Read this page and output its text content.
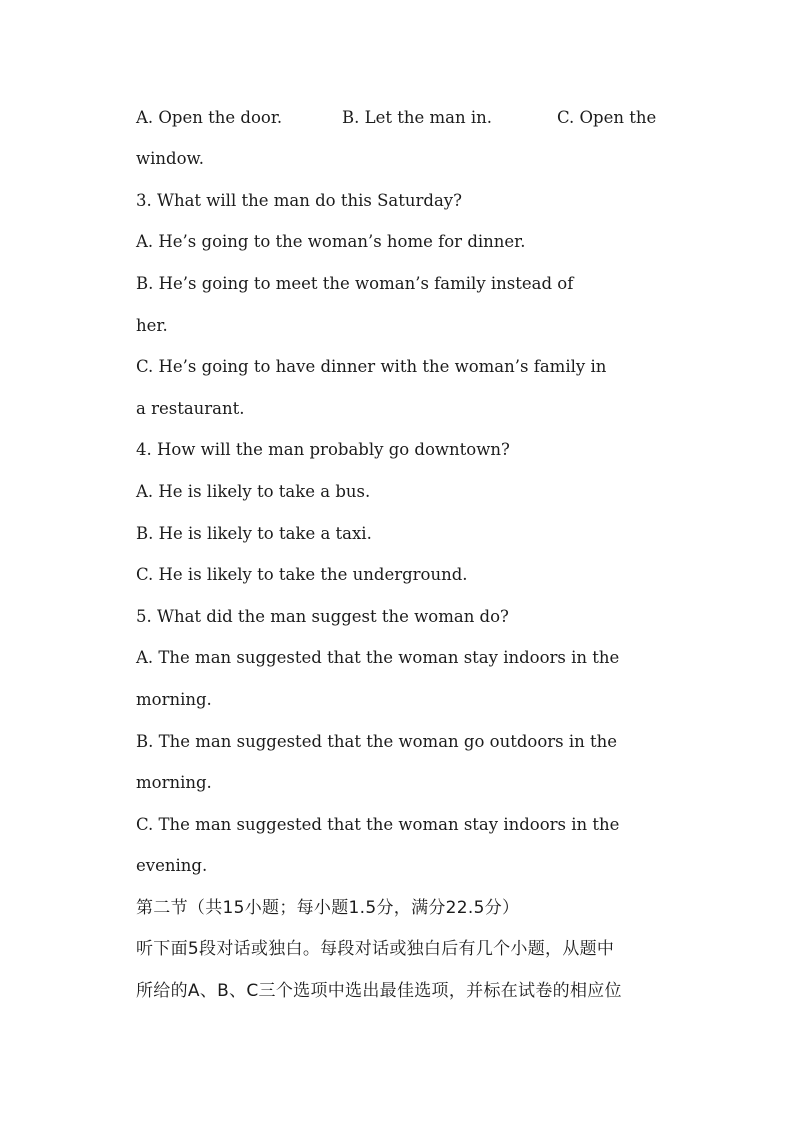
A. Open the door.

	B. Let the man in.

	C. Open the

window.
3. What will the man do this Saturday?
A. He’s going to the woman’s home for dinner.
B. He’s going to meet the woman’s family instead of
her.
C. He’s going to have dinner with the woman’s family in
a restaurant.
4. How will the man probably go downtown?
A. He is likely to take a bus.
B. He is likely to take a taxi.
C. He is likely to take the underground.
5. What did the man suggest the woman do?
A. The man suggested that the woman stay indoors in the
morning.
B. The man suggested that the woman go outdoors in the
morning.
C. The man suggested that the woman stay indoors in the
evening.
第二节（共15小题；每小题1.5分，满分22.5分）
听下面5段对话或独白。每段对话或独白后有几个小题，从题中
所给的A、B、C三个选项中选出最佳选项，并标在试卷的相应位
